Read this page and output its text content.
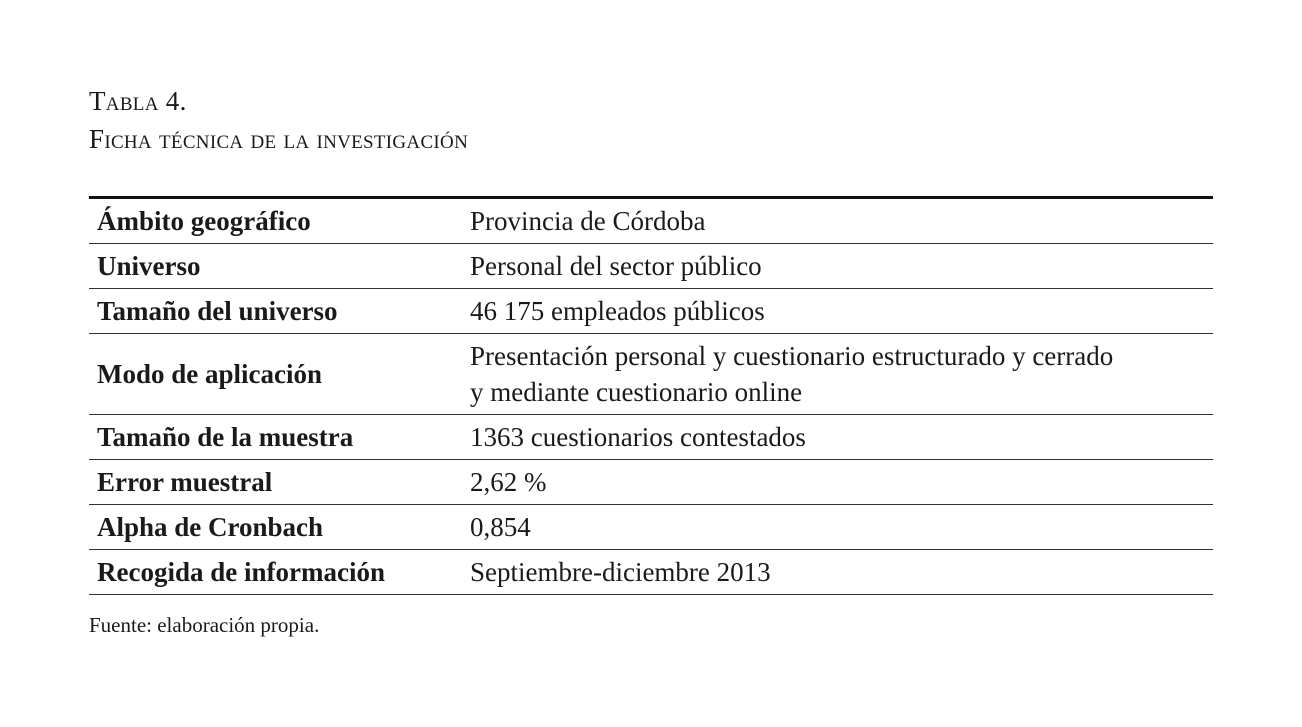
Tabla 4.
Ficha técnica de la investigación
Ámbito geográfico	Provincia de Córdoba

Universo	Personal del sector público

Tamaño del universo	46 175 empleados públicos

Modo de aplicación	Presentación personal y cuestionario estructurado y cerrado
y mediante cuestionario online

Tamaño de la muestra	1363 cuestionarios contestados

Error muestral	2,62 %

Alpha de Cronbach	0,854

Recogida de información	Septiembre-diciembre 2013
Fuente: elaboración propia.
